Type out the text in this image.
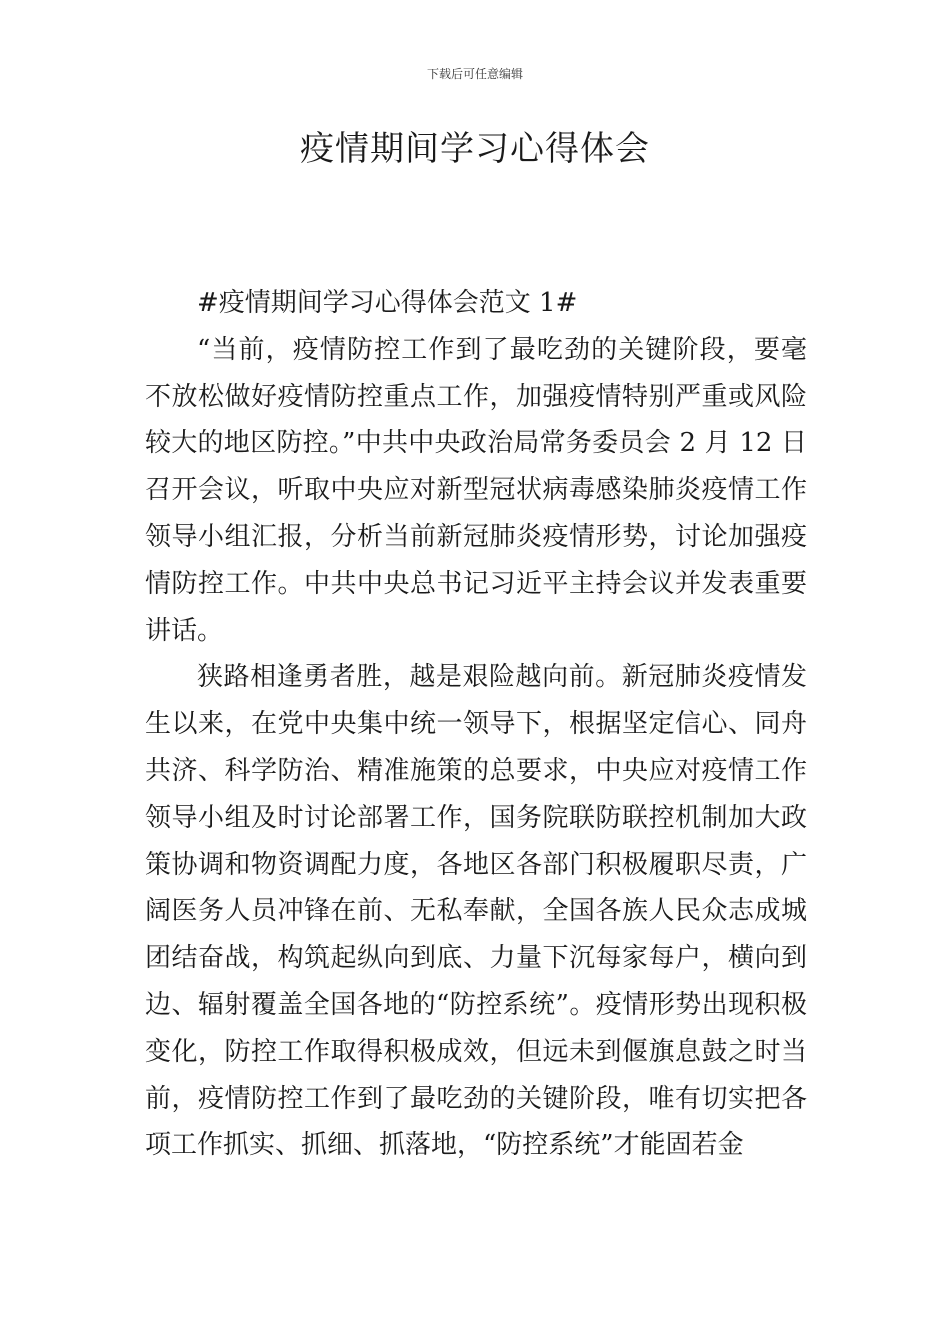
下载后可任意编辑
疫情期间学习心得体会

#疫情期间学习心得体会范文 1#

“当前，疫情防控工作到了最吃劲的关键阶段，要毫不放松做好疫情防控重点工作，加强疫情特别严重或风险较大的地区防控。”中共中央政治局常务委员会 2 月 12 日召开会议，听取中央应对新型冠状病毒感染肺炎疫情工作领导小组汇报，分析当前新冠肺炎疫情形势，讨论加强疫情防控工作。中共中央总书记习近平主持会议并发表重要讲话。

狭路相逢勇者胜，越是艰险越向前。新冠肺炎疫情发生以来，在党中央集中统一领导下，根据坚定信心、同舟共济、科学防治、精准施策的总要求，中央应对疫情工作领导小组及时讨论部署工作，国务院联防联控机制加大政策协调和物资调配力度，各地区各部门积极履职尽责，广阔医务人员冲锋在前、无私奉献，全国各族人民众志成城团结奋战，构筑起纵向到底、力量下沉每家每户，横向到边、辐射覆盖全国各地的“防控系统”。疫情形势出现积极变化，防控工作取得积极成效，但远未到偃旗息鼓之时当前，疫情防控工作到了最吃劲的关键阶段，唯有切实把各项工作抓实、抓细、抓落地，“防控系统”才能固若金
